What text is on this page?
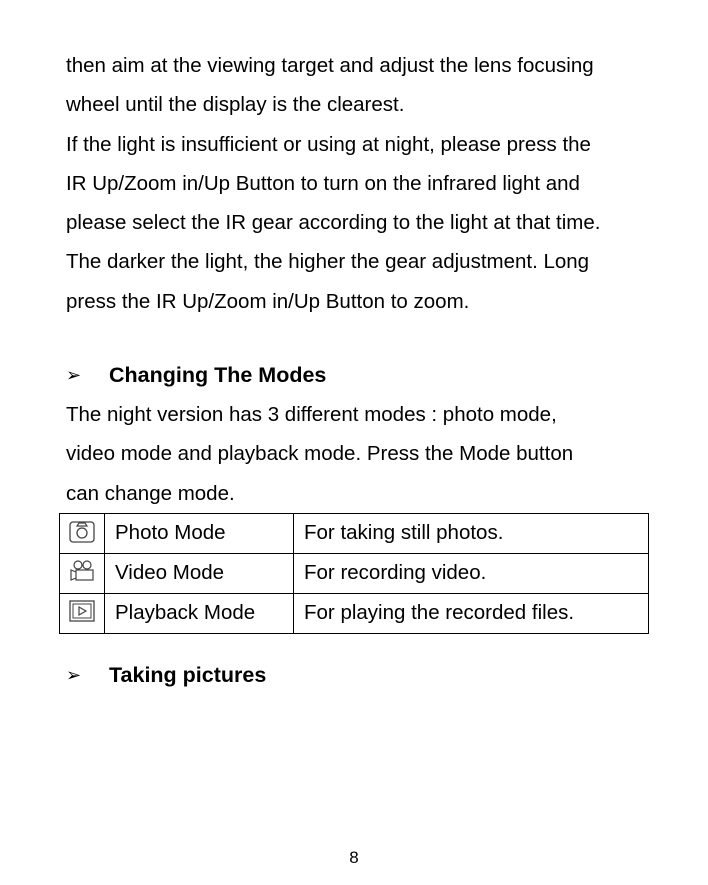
then aim at the viewing target and adjust the lens focusing

wheel until the display is the clearest.

If the light is insufficient or using at night, please press the

IR Up/Zoom in/Up Button to turn on the infrared light and

please select the IR gear according to the light at that time.

The darker the light, the higher the gear adjustment. Long

press the IR Up/Zoom in/Up Button to zoom.

➢	Changing The Modes

The night version has 3 different modes : photo mode,

video mode and playback mode. Press the Mode button

can change mode.

	Photo Mode	For taking still photos.

	Video Mode	For recording video.

	Playback Mode	For playing the recorded files.
➢	Taking pictures
8
